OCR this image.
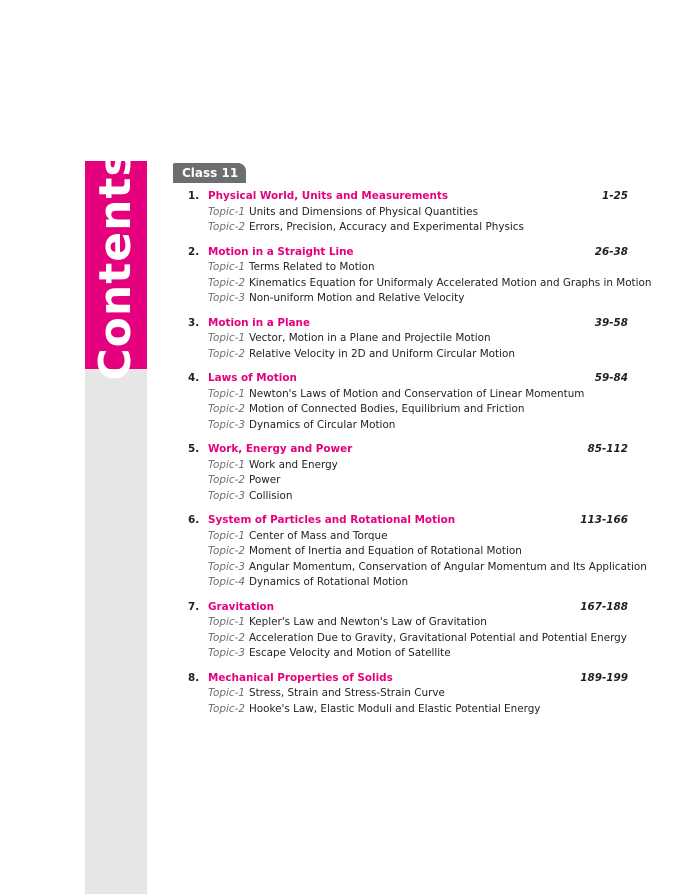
Contents	Class 11
1. Physical World, Units and Measurements	1-25
Topic-1 Units and Dimensions of Physical Quantities
Topic-2 Errors, Precision, Accuracy and Experimental Physics
2. Motion in a Straight Line	26-38
Topic-1 Terms Related to Motion
Topic-2 Kinematics Equation for Uniformaly Accelerated Motion and Graphs in Motion
Topic-3 Non-uniform Motion and Relative Velocity
3. Motion in a Plane	39-58
Topic-1 Vector, Motion in a Plane and Projectile Motion
Topic-2 Relative Velocity in 2D and Uniform Circular Motion
4. Laws of Motion	59-84
Topic-1 Newton's Laws of Motion and Conservation of Linear Momentum
Topic-2 Motion of Connected Bodies, Equilibrium and Friction
Topic-3 Dynamics of Circular Motion
5. Work, Energy and Power	85-112
Topic-1 Work and Energy
Topic-2 Power
Topic-3 Collision
6. System of Particles and Rotational Motion	113-166
Topic-1 Center of Mass and Torque
Topic-2 Moment of Inertia and Equation of Rotational Motion
Topic-3 Angular Momentum, Conservation of Angular Momentum and Its Application
Topic-4 Dynamics of Rotational Motion
7. Gravitation	167-188
Topic-1 Kepler's Law and Newton's Law of Gravitation
Topic-2 Acceleration Due to Gravity, Gravitational Potential and Potential Energy
Topic-3 Escape Velocity and Motion of Satellite
8. Mechanical Properties of Solids	189-199
Topic-1 Stress, Strain and Stress-Strain Curve
Topic-2 Hooke's Law, Elastic Moduli and Elastic Potential Energy
